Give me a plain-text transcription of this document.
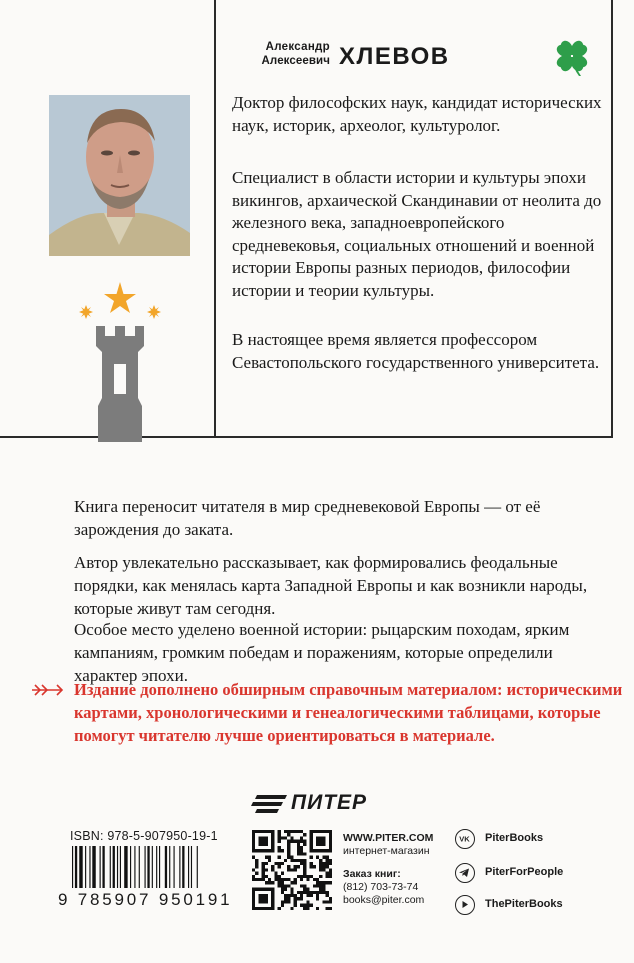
Александр
Алексеевич ХЛЕВОВ

Доктор философских наук, кандидат исторических наук, историк, археолог, культуролог.

Специалист в области истории и культуры эпохи викингов, архаической Скандинавии от неолита до железного века, западноевропейского средневековья, социальных отношений и военной истории Европы разных периодов, философии истории и теории культуры.

В настоящее время является профессором Севастопольского государственного университета.

Книга переносит читателя в мир средневековой Европы — от её зарождения до заката.

Автор увлекательно рассказывает, как формировались феодальные порядки, как менялась карта Западной Европы и как возникли народы, которые живут там сегодня.

Особое место уделено военной истории: рыцарским походам, ярким кампаниям, громким победам и поражениям, которые определили характер эпохи.

Издание дополнено обширным справочным материалом: историческими картами, хронологическими и генеалогическими таблицами, которые помогут читателю лучше ориентироваться в материале.

ПИТЕР
ISBN: 978-5-907950-19-1
9 785907 950191
WWW.PITER.COM
интернет-магазин
Заказ книг:
(812) 703-73-74
books@piter.com
VK PiterBooks
PiterForPeople
ThePiterBooks
